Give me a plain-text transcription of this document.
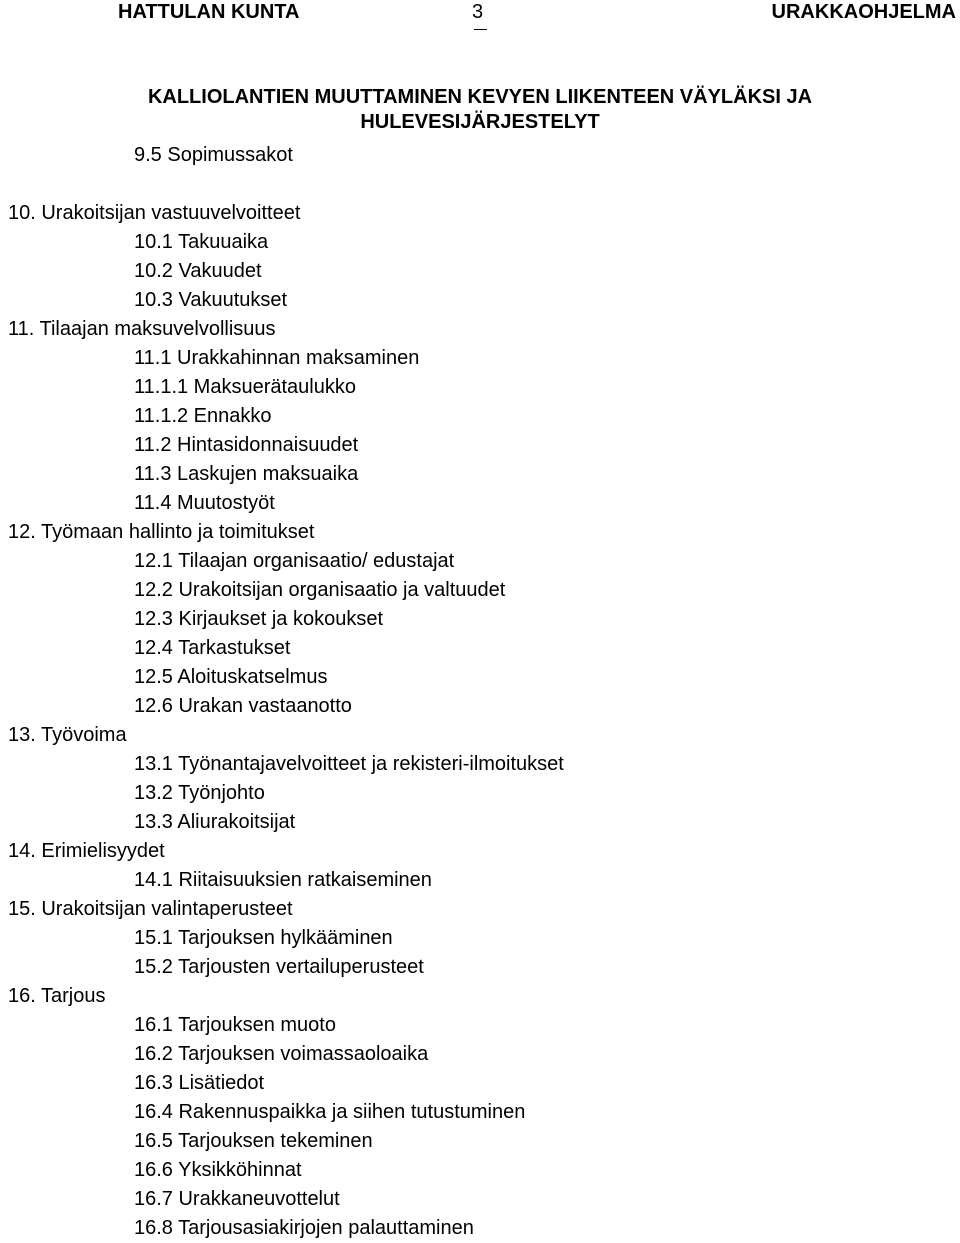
HATTULAN KUNTA	3	URAKKAOHJELMA
KALLIOLANTIEN MUUTTAMINEN KEVYEN LIIKENTEEN VÄYLÄKSI JA
HULEVESIJÄRJESTELYT
9.5 Sopimussakot
10. Urakoitsijan vastuuvelvoitteet
10.1 Takuuaika
10.2 Vakuudet
10.3 Vakuutukset
11. Tilaajan maksuvelvollisuus
11.1 Urakkahinnan maksaminen
11.1.1 Maksuerätaulukko
11.1.2 Ennakko
11.2 Hintasidonnaisuudet
11.3 Laskujen maksuaika
11.4 Muutostyöt
12. Työmaan hallinto ja toimitukset
12.1 Tilaajan organisaatio/ edustajat
12.2 Urakoitsijan organisaatio ja valtuudet
12.3 Kirjaukset ja kokoukset
12.4 Tarkastukset
12.5 Aloituskatselmus
12.6 Urakan vastaanotto
13. Työvoima
13.1 Työnantajavelvoitteet ja rekisteri-ilmoitukset
13.2 Työnjohto
13.3 Aliurakoitsijat
14. Erimielisyydet
14.1 Riitaisuuksien ratkaiseminen
15. Urakoitsijan valintaperusteet
15.1 Tarjouksen hylkääminen
15.2 Tarjousten vertailuperusteet
16. Tarjous
16.1 Tarjouksen muoto
16.2 Tarjouksen voimassaoloaika
16.3 Lisätiedot
16.4 Rakennuspaikka ja siihen tutustuminen
16.5 Tarjouksen tekeminen
16.6 Yksikköhinnat
16.7 Urakkaneuvottelut
16.8 Tarjousasiakirjojen palauttaminen
